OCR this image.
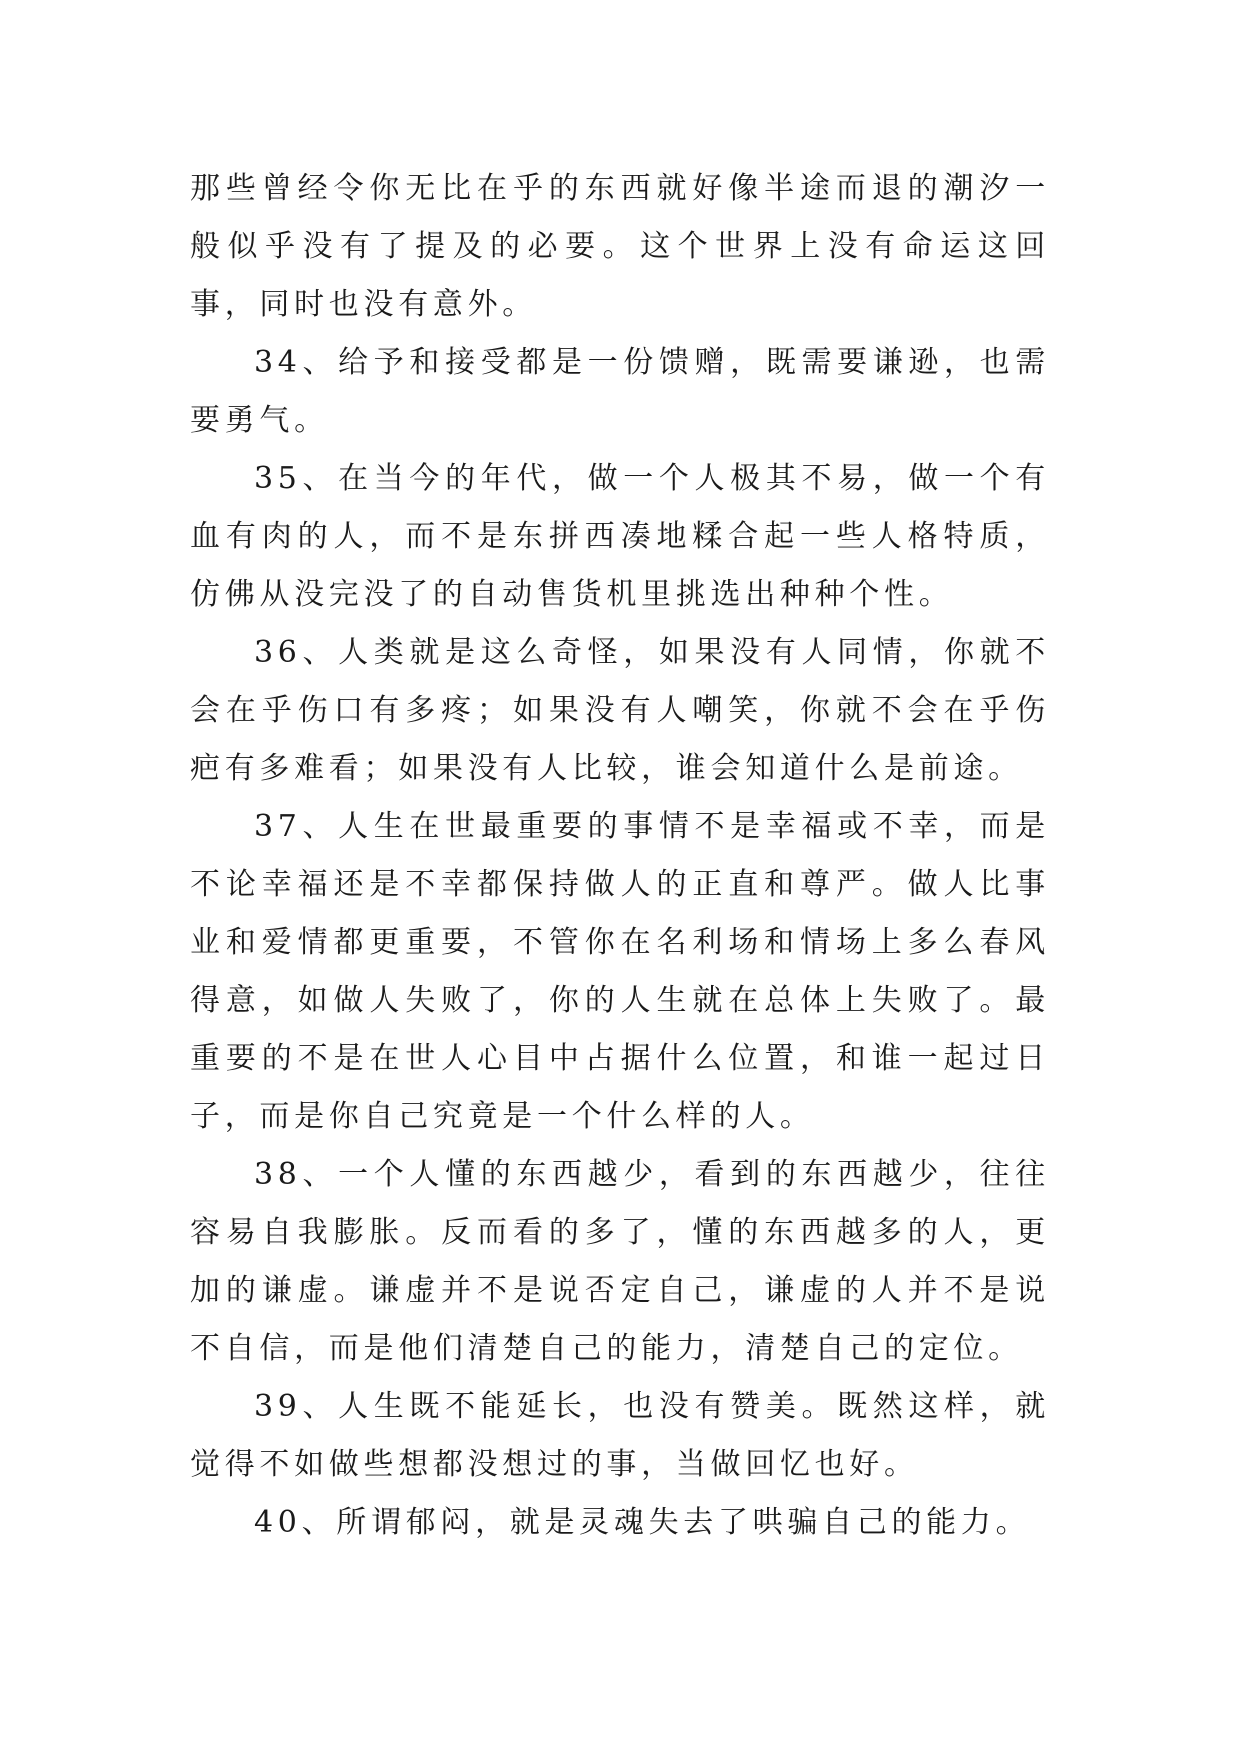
那些曾经令你无比在乎的东西就好像半途而退的潮汐一般似乎没有了提及的必要。这个世界上没有命运这回事，同时也没有意外。

34、给予和接受都是一份馈赠，既需要谦逊，也需要勇气。

35、在当今的年代，做一个人极其不易，做一个有血有肉的人，而不是东拼西凑地糅合起一些人格特质，仿佛从没完没了的自动售货机里挑选出种种个性。

36、人类就是这么奇怪，如果没有人同情，你就不会在乎伤口有多疼；如果没有人嘲笑，你就不会在乎伤疤有多难看；如果没有人比较，谁会知道什么是前途。

37、人生在世最重要的事情不是幸福或不幸，而是不论幸福还是不幸都保持做人的正直和尊严。做人比事业和爱情都更重要，不管你在名利场和情场上多么春风得意，如做人失败了，你的人生就在总体上失败了。最重要的不是在世人心目中占据什么位置，和谁一起过日子，而是你自己究竟是一个什么样的人。

38、一个人懂的东西越少，看到的东西越少，往往容易自我膨胀。反而看的多了，懂的东西越多的人，更加的谦虚。谦虚并不是说否定自己，谦虚的人并不是说不自信，而是他们清楚自己的能力，清楚自己的定位。

39、人生既不能延长，也没有赞美。既然这样，就觉得不如做些想都没想过的事，当做回忆也好。

40、所谓郁闷，就是灵魂失去了哄骗自己的能力。
